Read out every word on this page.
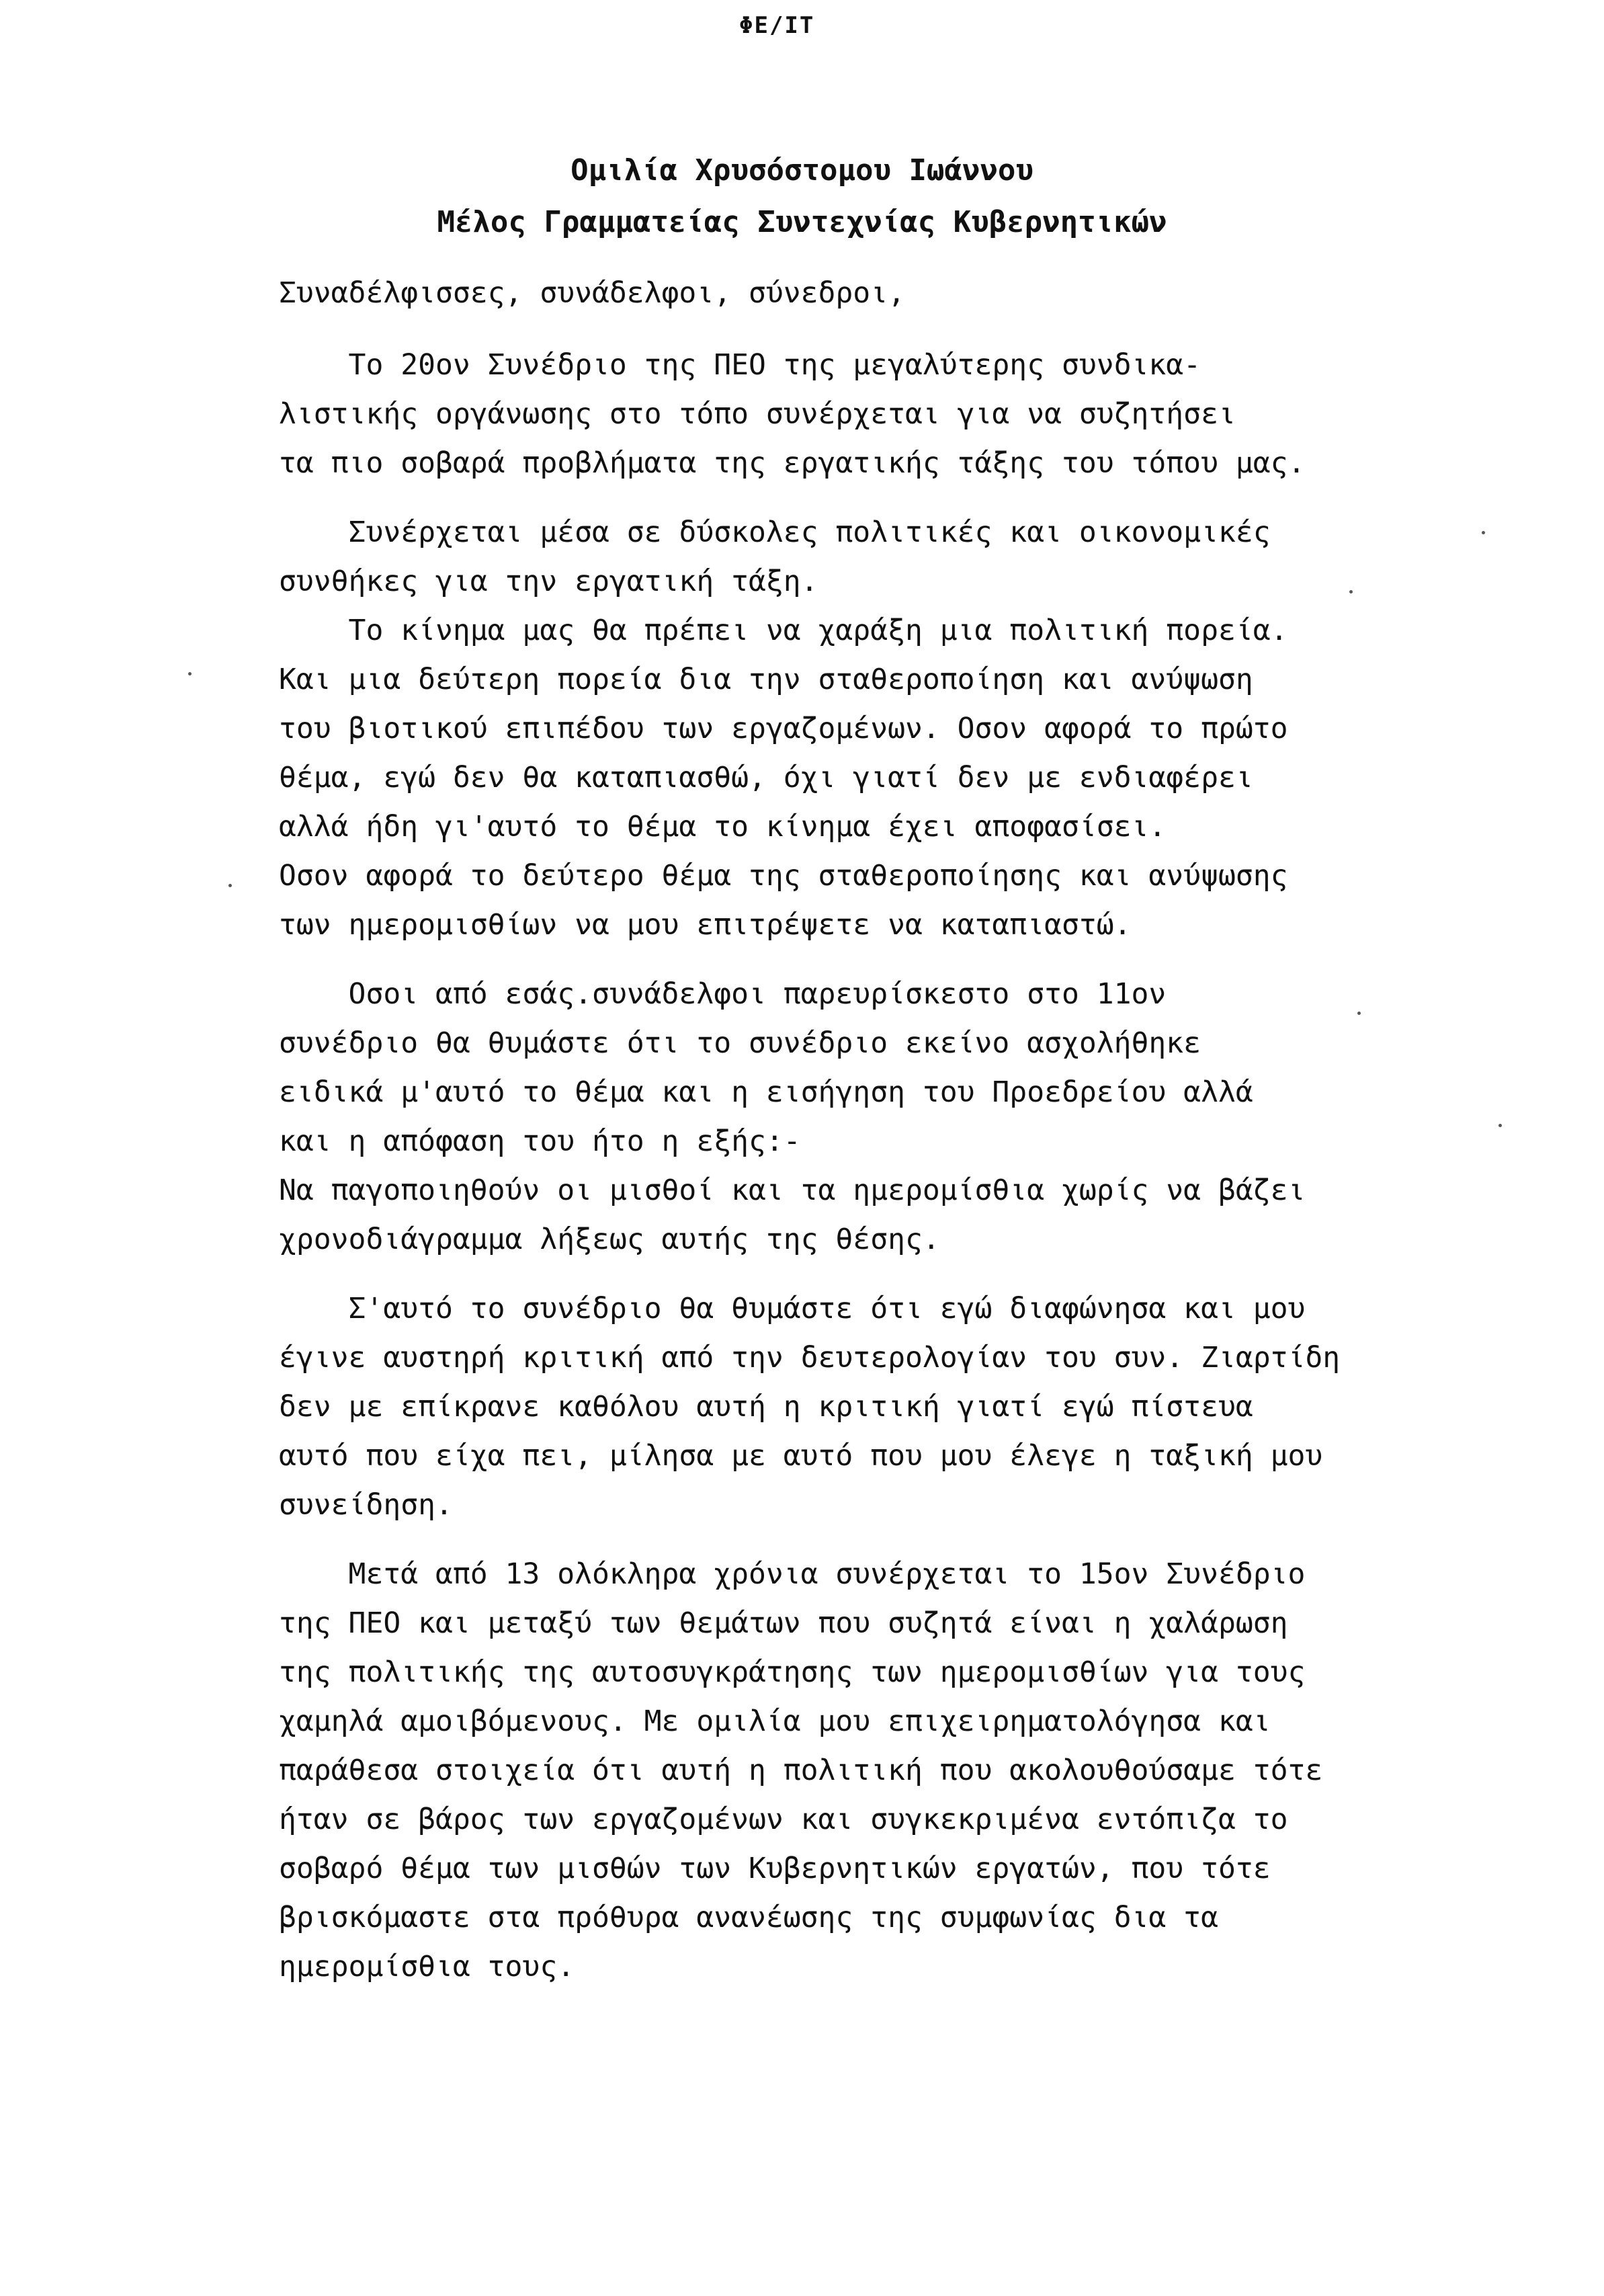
ΦΕ/ΙΤ
Ομιλία Χρυσόστομου Ιωάννου
Μέλος Γραμματείας Συντεχνίας Κυβερνητικών
Συναδέλφισσες, συνάδελφοι, σύνεδροι,
Το 20ον Συνέδριο της ΠΕΟ της μεγαλύτερης συνδικα-
λιστικής οργάνωσης στο τόπο συνέρχεται για να συζητήσει
τα πιο σοβαρά προβλήματα της εργατικής τάξης του τόπου μας.
Συνέρχεται μέσα σε δύσκολες πολιτικές και οικονομικές
συνθήκες για την εργατική τάξη.
Το κίνημα μας θα πρέπει να χαράξη μια πολιτική πορεία.
Και μια δεύτερη πορεία δια την σταθεροποίηση και ανύψωση
του βιοτικού επιπέδου των εργαζομένων. Οσον αφορά το πρώτο
θέμα, εγώ δεν θα καταπιασθώ, όχι γιατί δεν με ενδιαφέρει
αλλά ήδη γι'αυτό το θέμα το κίνημα έχει αποφασίσει.
Οσον αφορά το δεύτερο θέμα της σταθεροποίησης και ανύψωσης
των ημερομισθίων να μου επιτρέψετε να καταπιαστώ.
Οσοι από εσάς.συνάδελφοι παρευρίσκεστο στο 11ον
συνέδριο θα θυμάστε ότι το συνέδριο εκείνο ασχολήθηκε
ειδικά μ'αυτό το θέμα και η εισήγηση του Προεδρείου αλλά
και η απόφαση του ήτο η εξής:-
Να παγοποιηθούν οι μισθοί και τα ημερομίσθια χωρίς να βάζει
χρονοδιάγραμμα λήξεως αυτής της θέσης.
Σ'αυτό το συνέδριο θα θυμάστε ότι εγώ διαφώνησα και μου
έγινε αυστηρή κριτική από την δευτερολογίαν του συν. Ζιαρτίδη
δεν με επίκρανε καθόλου αυτή η κριτική γιατί εγώ πίστευα
αυτό που είχα πει, μίλησα με αυτό που μου έλεγε η ταξική μου
συνείδηση.
Μετά από 13 ολόκληρα χρόνια συνέρχεται το 15ον Συνέδριο
της ΠΕΟ και μεταξύ των θεμάτων που συζητά είναι η χαλάρωση
της πολιτικής της αυτοσυγκράτησης των ημερομισθίων για τους
χαμηλά αμοιβόμενους. Με ομιλία μου επιχειρηματολόγησα και
παράθεσα στοιχεία ότι αυτή η πολιτική που ακολουθούσαμε τότε
ήταν σε βάρος των εργαζομένων και συγκεκριμένα εντόπιζα το
σοβαρό θέμα των μισθών των Κυβερνητικών εργατών, που τότε
βρισκόμαστε στα πρόθυρα ανανέωσης της συμφωνίας δια τα
ημερομίσθια τους.
